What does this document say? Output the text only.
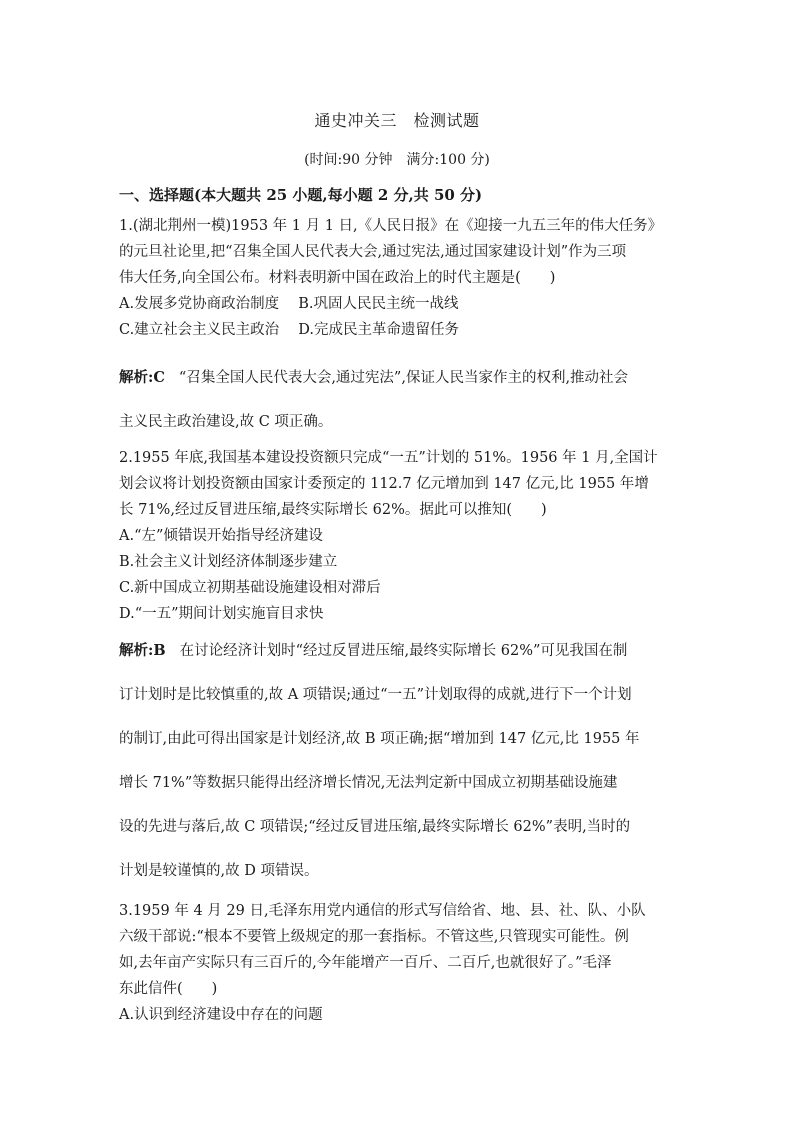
通史冲关三　检测试题
(时间:90 分钟　满分:100 分)
一、选择题(本大题共 25 小题,每小题 2 分,共 50 分)
1.(湖北荆州一模)1953 年 1 月 1 日,《人民日报》在《迎接一九五三年的伟大任务》
的元旦社论里,把“召集全国人民代表大会,通过宪法,通过国家建设计划”作为三项
伟大任务,向全国公布。材料表明新中国在政治上的时代主题是(　　)
A.发展多党协商政治制度　 B.巩固人民民主统一战线
C.建立社会主义民主政治　 D.完成民主革命遗留任务
解析:C “召集全国人民代表大会,通过宪法”,保证人民当家作主的权利,推动社会
主义民主政治建设,故 C 项正确。
2.1955 年底,我国基本建设投资额只完成“一五”计划的 51%。1956 年 1 月,全国计
划会议将计划投资额由国家计委预定的 112.7 亿元增加到 147 亿元,比 1955 年增
长 71%,经过反冒进压缩,最终实际增长 62%。据此可以推知(　　)
A.“左”倾错误开始指导经济建设
B.社会主义计划经济体制逐步建立
C.新中国成立初期基础设施建设相对滞后
D.“一五”期间计划实施盲目求快
解析:B 在讨论经济计划时“经过反冒进压缩,最终实际增长 62%”可见我国在制
订计划时是比较慎重的,故 A 项错误;通过“一五”计划取得的成就,进行下一个计划
的制订,由此可得出国家是计划经济,故 B 项正确;据“增加到 147 亿元,比 1955 年
增长 71%”等数据只能得出经济增长情况,无法判定新中国成立初期基础设施建
设的先进与落后,故 C 项错误;“经过反冒进压缩,最终实际增长 62%”表明,当时的
计划是较谨慎的,故 D 项错误。
3.1959 年 4 月 29 日,毛泽东用党内通信的形式写信给省、地、县、社、队、小队
六级干部说:“根本不要管上级规定的那一套指标。不管这些,只管现实可能性。例
如,去年亩产实际只有三百斤的,今年能增产一百斤、二百斤,也就很好了。”毛泽
东此信件(　　)
A.认识到经济建设中存在的问题
